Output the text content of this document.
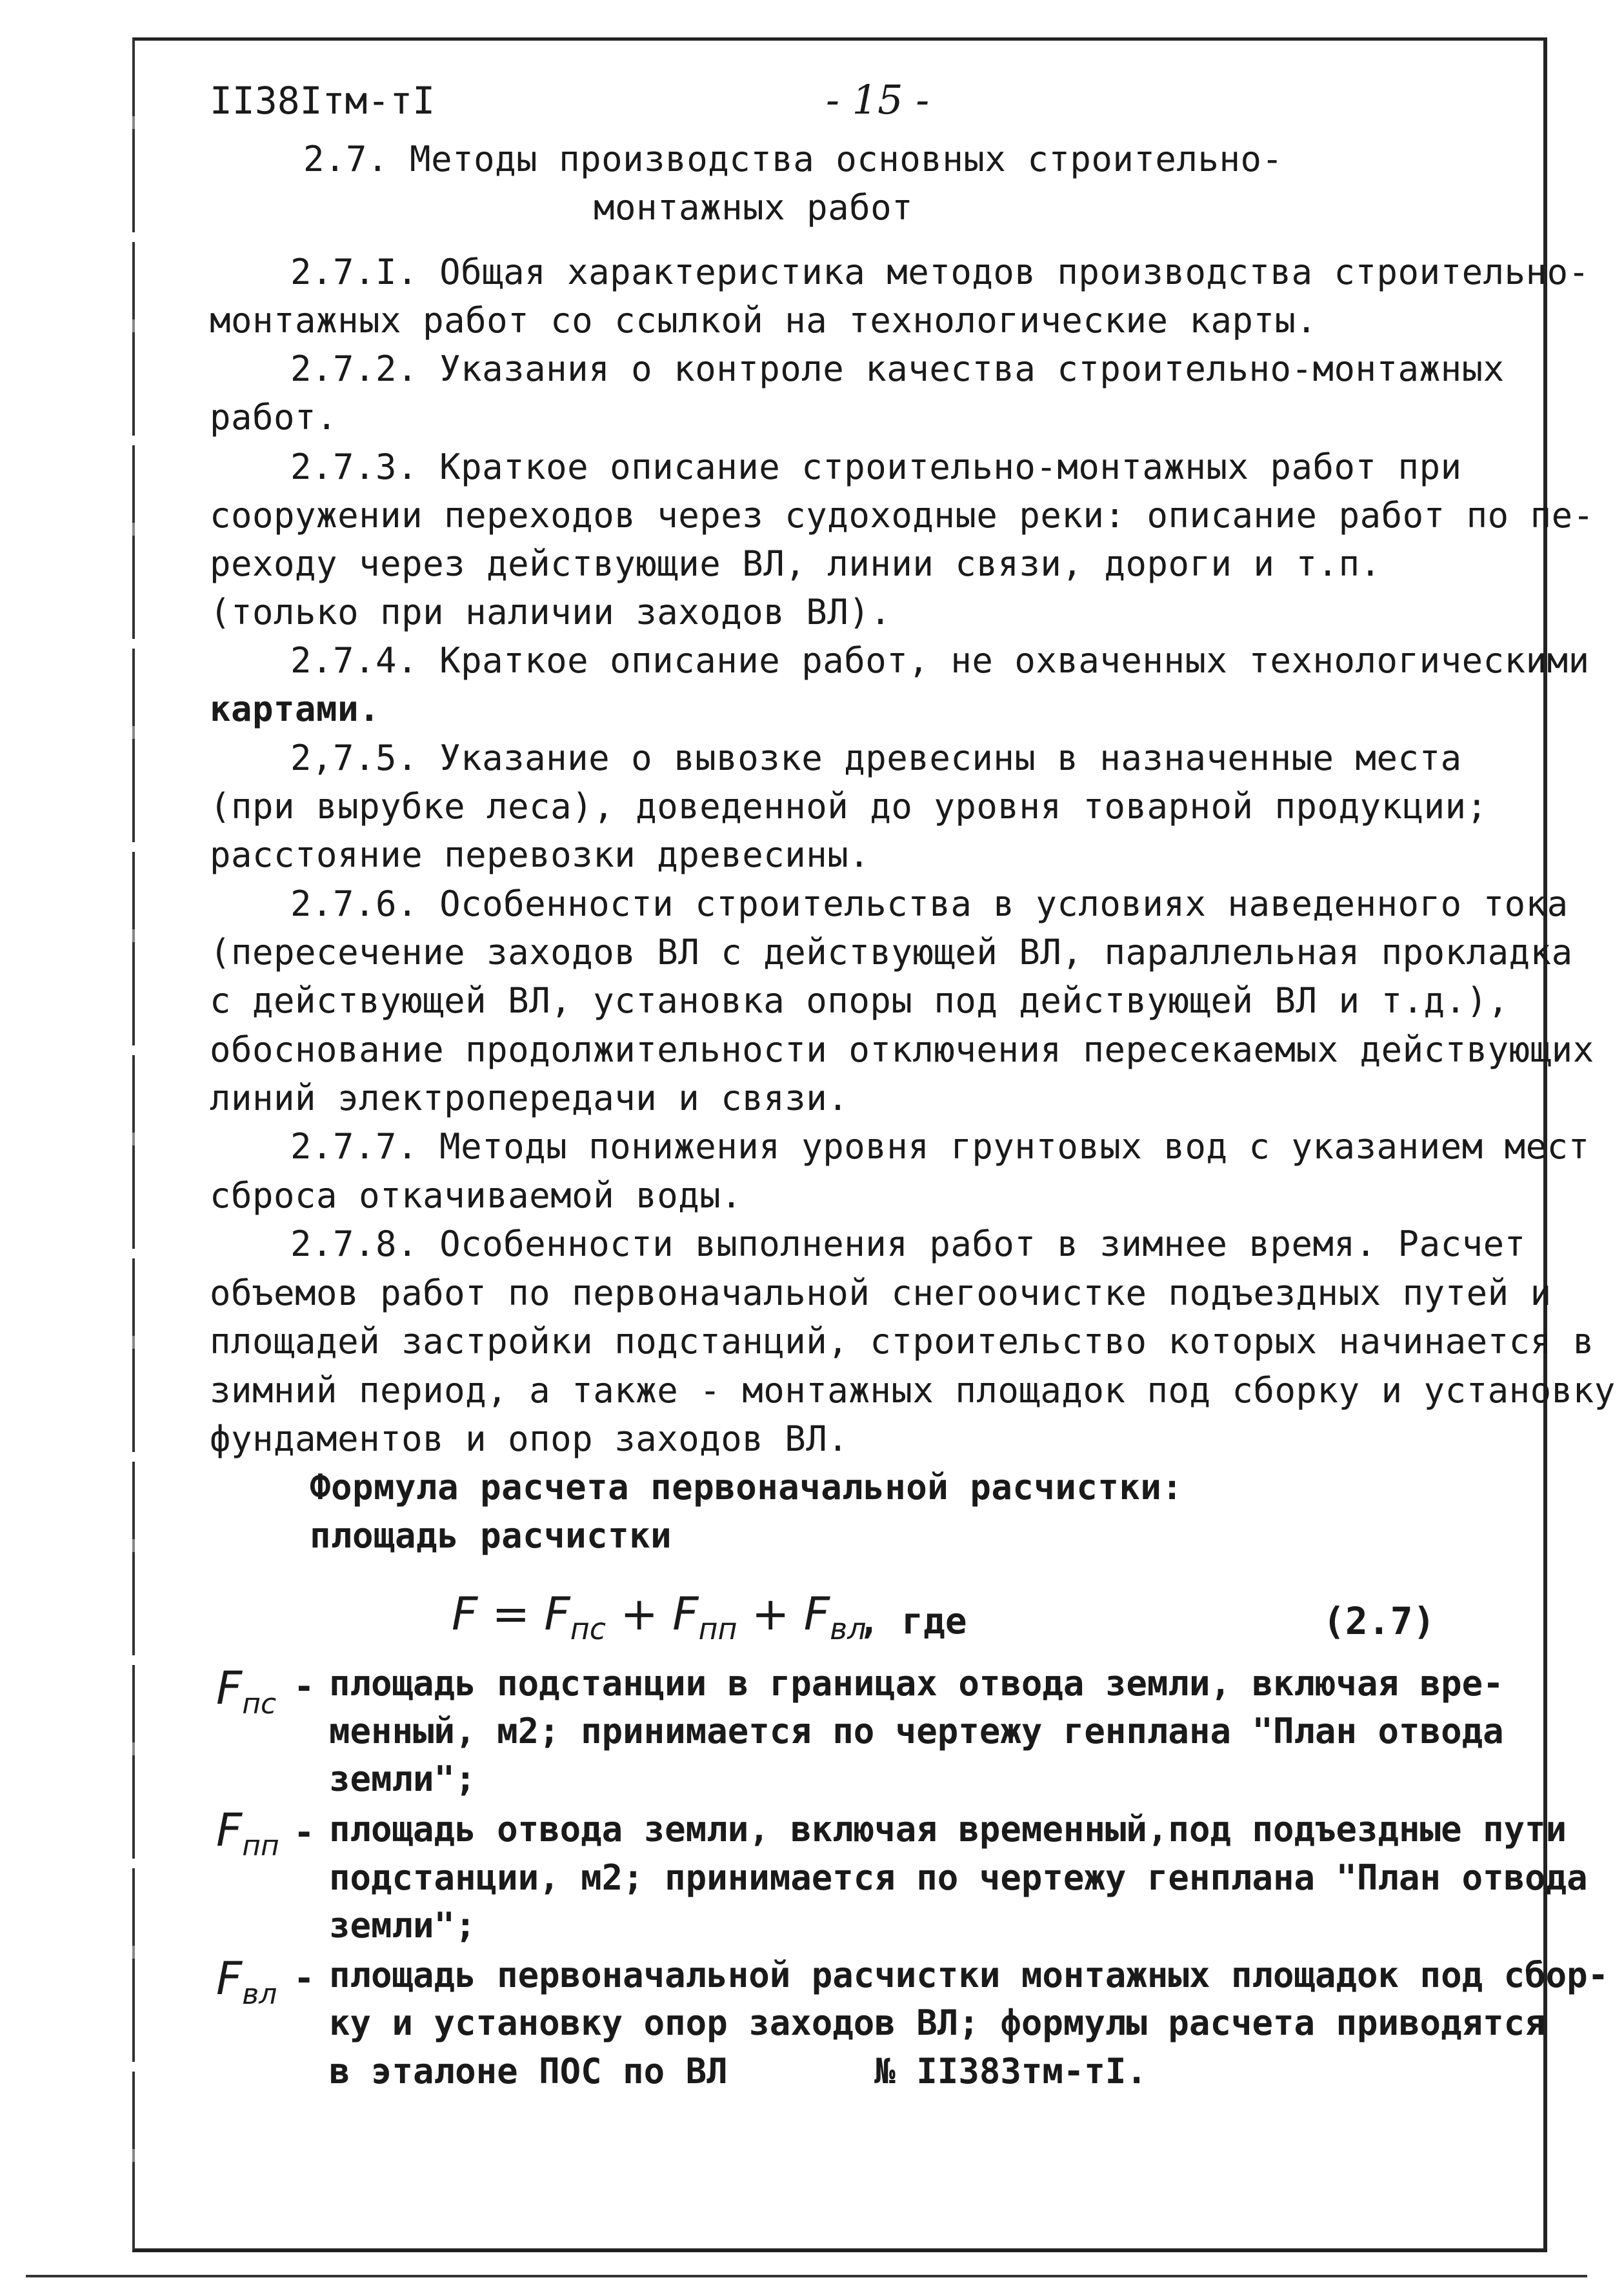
II38Iтм-тI	- 15 -
2.7. Методы производства основных строительно-
монтажных работ
2.7.I. Общая характеристика методов производства строительно-
монтажных работ со ссылкой на технологические карты.
2.7.2. Указания о контроле качества строительно-монтажных
работ.
2.7.3. Краткое описание строительно-монтажных работ при
сооружении переходов через судоходные реки: описание работ по пе-
реходу через действующие ВЛ, линии связи, дороги и т.п.
(только при наличии заходов ВЛ).
2.7.4. Краткое описание работ, не охваченных технологическими
картами.
2,7.5. Указание о вывозке древесины в назначенные места
(при вырубке леса), доведенной до уровня товарной продукции;
расстояние перевозки древесины.
2.7.6. Особенности строительства в условиях наведенного тока
(пересечение заходов ВЛ с действующей ВЛ, параллельная прокладка
с действующей ВЛ, установка опоры под действующей ВЛ и т.д.),
обоснование продолжительности отключения пересекаемых действующих
линий электропередачи и связи.
2.7.7. Методы понижения уровня грунтовых вод с указанием мест
сброса откачиваемой воды.
2.7.8. Особенности выполнения работ в зимнее время. Расчет
объемов работ по первоначальной снегоочистке подъездных путей и
площадей застройки подстанций, строительство которых начинается в
зимний период, а также - монтажных площадок под сборку и установку
фундаментов и опор заходов ВЛ.
Формула расчета первоначальной расчистки:
площадь расчистки
$F = F_{пс} + F_{пп} + F_{вл}$
, где	(2.7)
$F_{пс}$ - площадь подстанции в границах отвода земли, включая вре-
менный, м2; принимается по чертежу генплана "План отвода
земли";
$F_{пп}$ - площадь отвода земли, включая временный,под подъездные пути
подстанции, м2; принимается по чертежу генплана "План отвода
земли";
$F_{вл}$ - площадь первоначальной расчистки монтажных площадок под сбор-
ку и установку опор заходов ВЛ; формулы расчета приводятся
в эталоне ПОС по ВЛ       № II383тм-тI.
